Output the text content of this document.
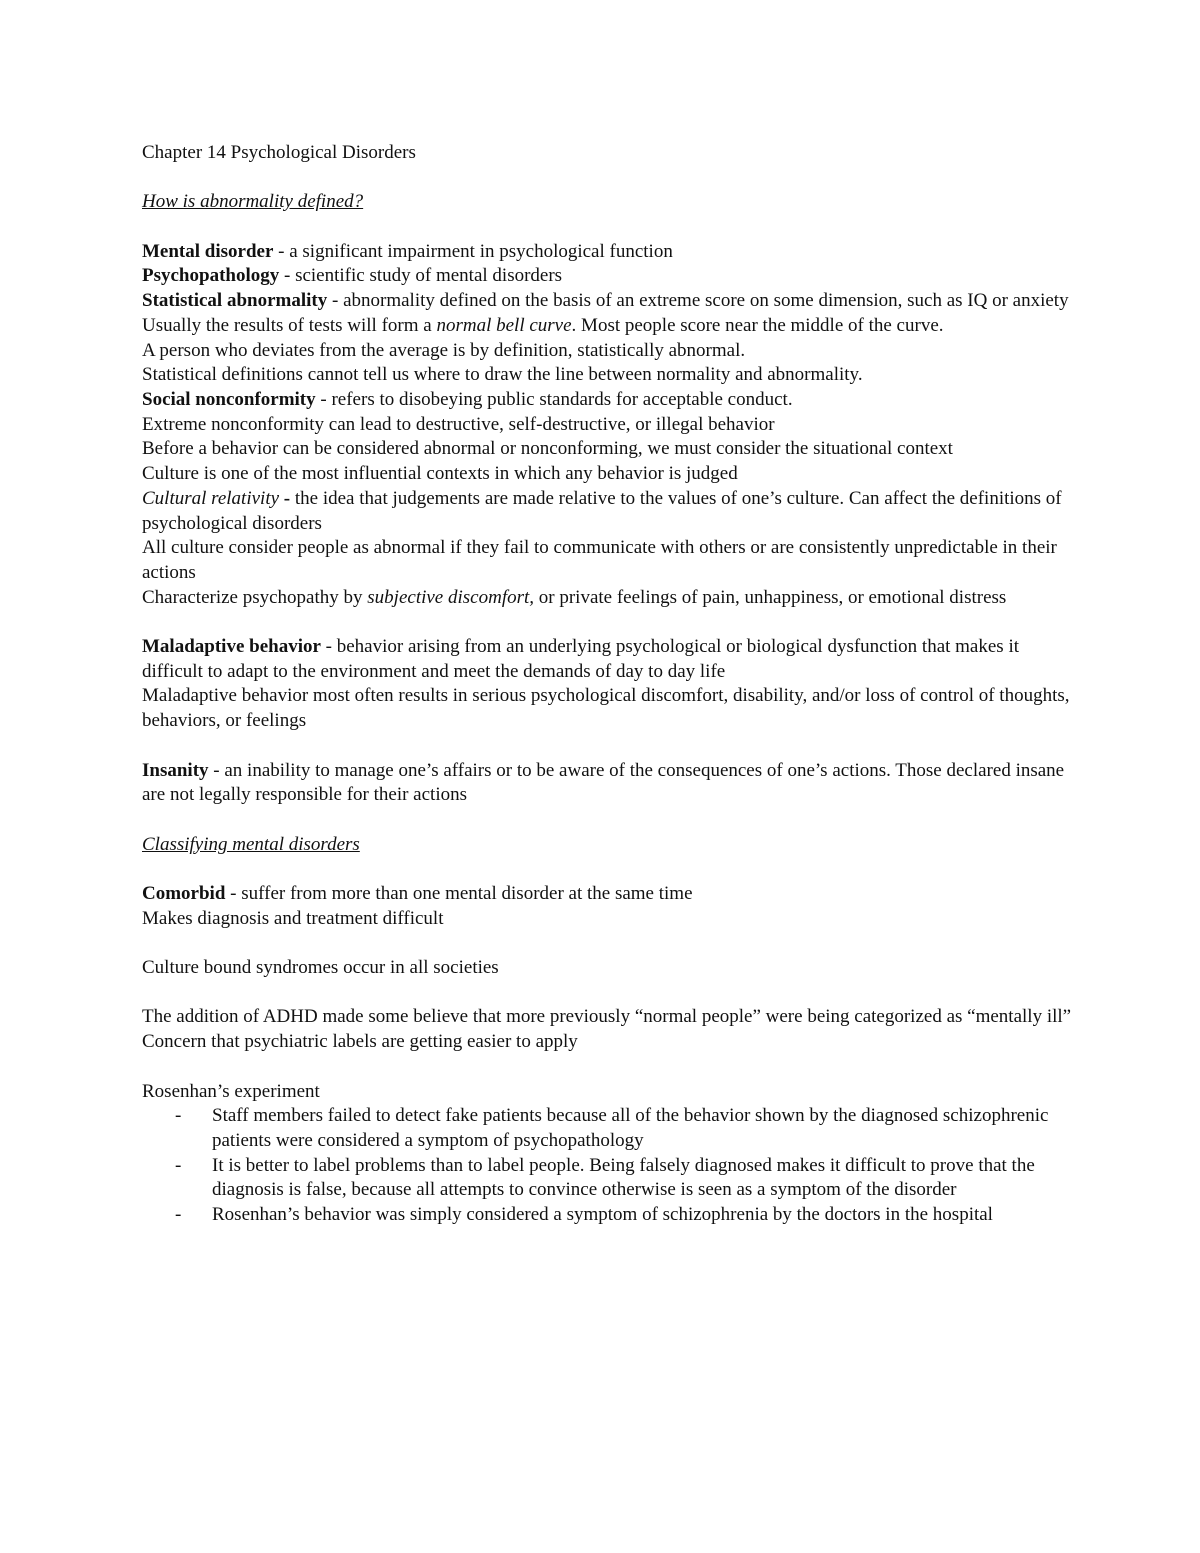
Chapter 14 Psychological Disorders

How is abnormality defined?

Mental disorder - a significant impairment in psychological function

Psychopathology - scientific study of mental disorders

Statistical abnormality - abnormality defined on the basis of an extreme score on some dimension, such as IQ or anxiety

Usually the results of tests will form a normal bell curve. Most people score near the middle of the curve.

A person who deviates from the average is by definition, statistically abnormal.

Statistical definitions cannot tell us where to draw the line between normality and abnormality.

Social nonconformity - refers to disobeying public standards for acceptable conduct.

Extreme nonconformity can lead to destructive, self-destructive, or illegal behavior

Before a behavior can be considered abnormal or nonconforming, we must consider the situational context

Culture is one of the most influential contexts in which any behavior is judged

Cultural relativity - the idea that judgements are made relative to the values of one’s culture. Can affect the definitions of psychological disorders

All culture consider people as abnormal if they fail to communicate with others or are consistently unpredictable in their actions

Characterize psychopathy by subjective discomfort, or private feelings of pain, unhappiness, or emotional distress

Maladaptive behavior - behavior arising from an underlying psychological or biological dysfunction that makes it difficult to adapt to the environment and meet the demands of day to day life

Maladaptive behavior most often results in serious psychological discomfort, disability, and/or loss of control of thoughts, behaviors, or feelings

Insanity - an inability to manage one’s affairs or to be aware of the consequences of one’s actions. Those declared insane are not legally responsible for their actions

Classifying mental disorders

Comorbid - suffer from more than one mental disorder at the same time

Makes diagnosis and treatment difficult

Culture bound syndromes occur in all societies

The addition of ADHD made some believe that more previously “normal people” were being categorized as “mentally ill”

Concern that psychiatric labels are getting easier to apply

Rosenhan’s experiment

- Staff members failed to detect fake patients because all of the behavior shown by the diagnosed schizophrenic patients were considered a symptom of psychopathology
- It is better to label problems than to label people. Being falsely diagnosed makes it difficult to prove that the diagnosis is false, because all attempts to convince otherwise is seen as a symptom of the disorder
- Rosenhan’s behavior was simply considered a symptom of schizophrenia by the doctors in the hospital
